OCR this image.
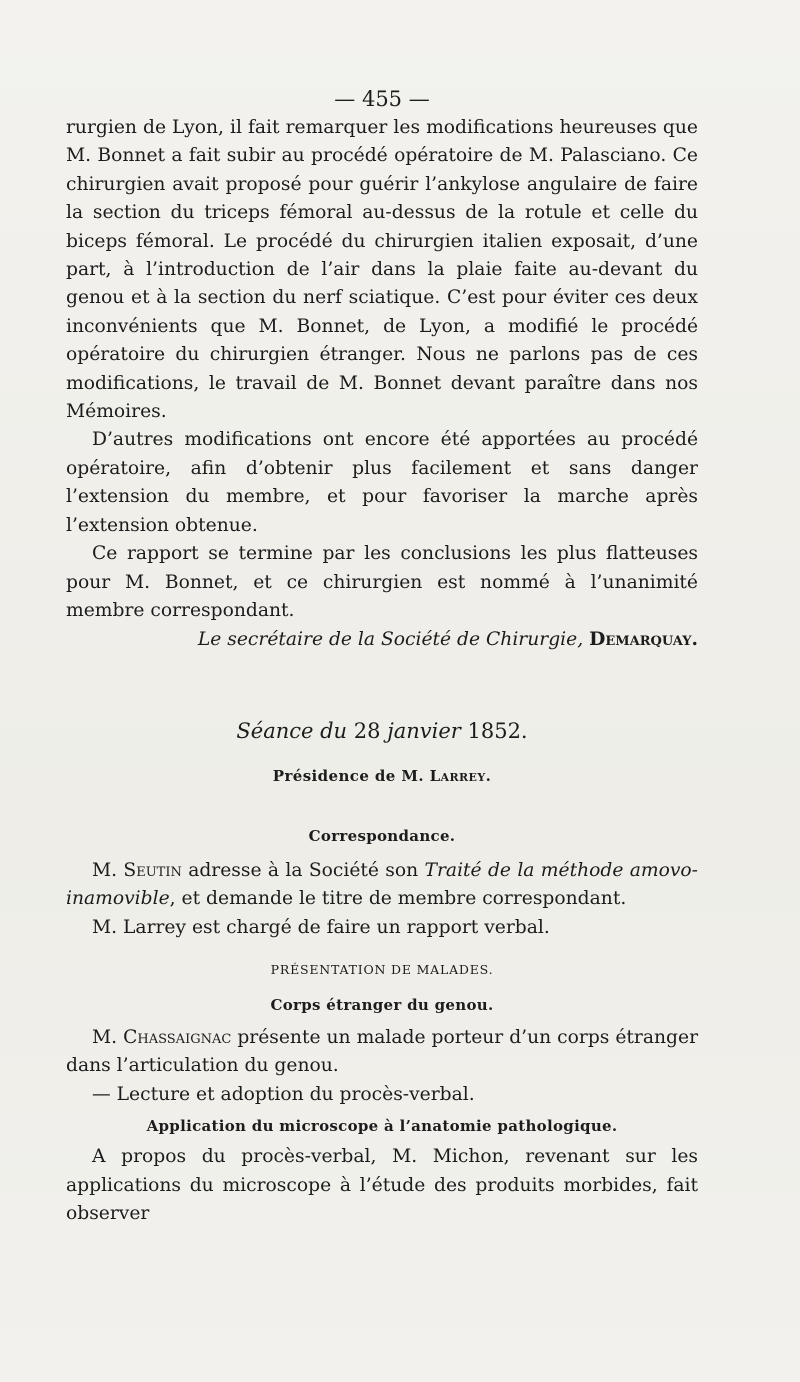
— 455 —

rurgien de Lyon, il fait remarquer les modifications heureuses que M. Bonnet a fait subir au procédé opératoire de M. Palasciano. Ce chirurgien avait proposé pour guérir l’ankylose angulaire de faire la section du triceps fémoral au-dessus de la rotule et celle du biceps fémoral. Le procédé du chirurgien italien exposait, d’une part, à l’introduction de l’air dans la plaie faite au-devant du genou et à la section du nerf sciatique. C’est pour éviter ces deux inconvénients que M. Bonnet, de Lyon, a modifié le procédé opératoire du chirurgien étranger. Nous ne parlons pas de ces modifications, le travail de M. Bonnet devant paraître dans nos Mémoires.

D’autres modifications ont encore été apportées au procédé opératoire, afin d’obtenir plus facilement et sans danger l’extension du membre, et pour favoriser la marche après l’extension obtenue.

Ce rapport se termine par les conclusions les plus flatteuses pour M. Bonnet, et ce chirurgien est nommé à l’unanimité membre correspondant.

Le secrétaire de la Société de Chirurgie, Demarquay.
Séance du 28 janvier 1852.
Présidence de M. Larrey.
Correspondance.

M. Seutin adresse à la Société son Traité de la méthode amovo-inamovible, et demande le titre de membre correspondant.

M. Larrey est chargé de faire un rapport verbal.

PRÉSENTATION DE MALADES.
Corps étranger du genou.

M. Chassaignac présente un malade porteur d’un corps étranger dans l’articulation du genou.

— Lecture et adoption du procès-verbal.

Application du microscope à l’anatomie pathologique.

A propos du procès-verbal, M. Michon, revenant sur les applications du microscope à l’étude des produits morbides, fait observer
